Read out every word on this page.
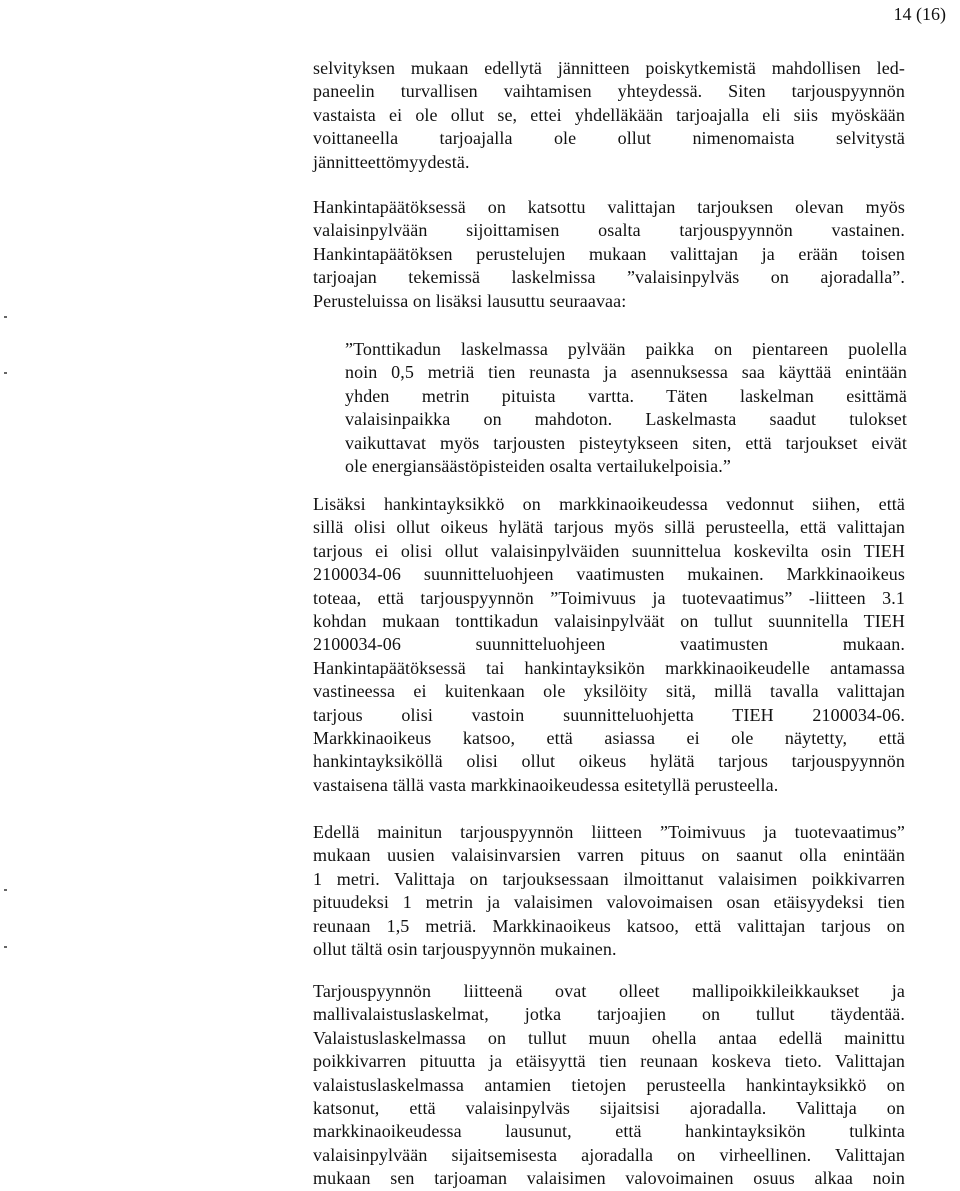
14 (16)
selvityksen mukaan edellytä jännitteen poiskytkemistä mahdollisen led-
paneelin turvallisen vaihtamisen yhteydessä. Siten tarjouspyynnön
vastaista ei ole ollut se, ettei yhdelläkään tarjoajalla eli siis myöskään
voittaneella tarjoajalla ole ollut nimenomaista selvitystä
jännitteettömyydestä.
Hankintapäätöksessä on katsottu valittajan tarjouksen olevan myös
valaisinpylvään sijoittamisen osalta tarjouspyynnön vastainen.
Hankintapäätöksen perustelujen mukaan valittajan ja erään toisen
tarjoajan tekemissä laskelmissa ”valaisinpylväs on ajoradalla”.
Perusteluissa on lisäksi lausuttu seuraavaa:
”Tonttikadun laskelmassa pylvään paikka on pientareen puolella
noin 0,5 metriä tien reunasta ja asennuksessa saa käyttää enintään
yhden metrin pituista vartta. Täten laskelman esittämä
valaisinpaikka on mahdoton. Laskelmasta saadut tulokset
vaikuttavat myös tarjousten pisteytykseen siten, että tarjoukset eivät
ole energiansäästöpisteiden osalta vertailukelpoisia.”
Lisäksi hankintayksikkö on markkinaoikeudessa vedonnut siihen, että
sillä olisi ollut oikeus hylätä tarjous myös sillä perusteella, että valittajan
tarjous ei olisi ollut valaisinpylväiden suunnittelua koskevilta osin TIEH
2100034-06 suunnitteluohjeen vaatimusten mukainen. Markkinaoikeus
toteaa, että tarjouspyynnön ”Toimivuus ja tuotevaatimus” -liitteen 3.1
kohdan mukaan tonttikadun valaisinpylväät on tullut suunnitella TIEH
2100034-06 suunnitteluohjeen vaatimusten mukaan.
Hankintapäätöksessä tai hankintayksikön markkinaoikeudelle antamassa
vastineessa ei kuitenkaan ole yksilöity sitä, millä tavalla valittajan
tarjous olisi vastoin suunnitteluohjetta TIEH 2100034-06.
Markkinaoikeus katsoo, että asiassa ei ole näytetty, että
hankintayksiköllä olisi ollut oikeus hylätä tarjous tarjouspyynnön
vastaisena tällä vasta markkinaoikeudessa esitetyllä perusteella.
Edellä mainitun tarjouspyynnön liitteen ”Toimivuus ja tuotevaatimus”
mukaan uusien valaisinvarsien varren pituus on saanut olla enintään
1 metri. Valittaja on tarjouksessaan ilmoittanut valaisimen poikkivarren
pituudeksi 1 metrin ja valaisimen valovoimaisen osan etäisyydeksi tien
reunaan 1,5 metriä. Markkinaoikeus katsoo, että valittajan tarjous on
ollut tältä osin tarjouspyynnön mukainen.
Tarjouspyynnön liitteenä ovat olleet mallipoikkileikkaukset ja
mallivalaistuslaskelmat, jotka tarjoajien on tullut täydentää.
Valaistuslaskelmassa on tullut muun ohella antaa edellä mainittu
poikkivarren pituutta ja etäisyyttä tien reunaan koskeva tieto. Valittajan
valaistuslaskelmassa antamien tietojen perusteella hankintayksikkö on
katsonut, että valaisinpylväs sijaitsisi ajoradalla. Valittaja on
markkinaoikeudessa lausunut, että hankintayksikön tulkinta
valaisinpylvään sijaitsemisesta ajoradalla on virheellinen. Valittajan
mukaan sen tarjoaman valaisimen valovoimainen osuus alkaa noin
